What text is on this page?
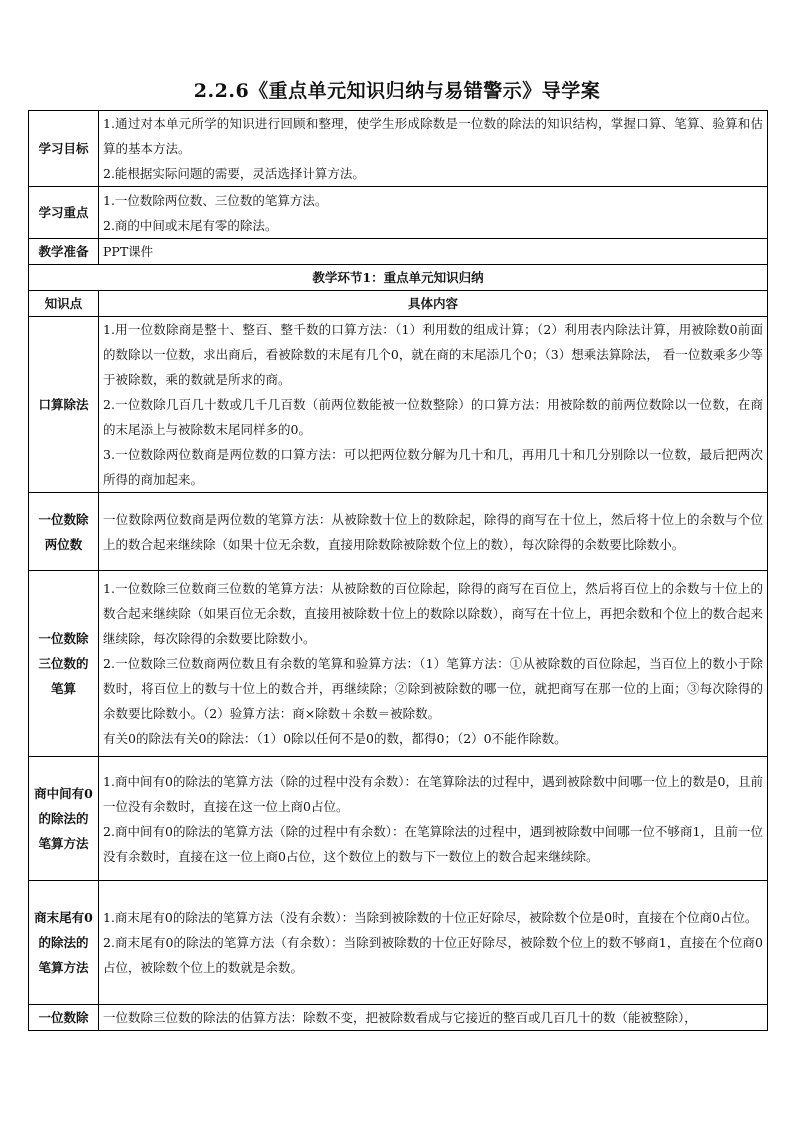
2.2.6《重点单元知识归纳与易错警示》导学案
学习目标	1.通过对本单元所学的知识进行回顾和整理，使学生形成除数是一位数的除法的知识结构，掌握口算、笔算、验算和估算的基本方法。
2.能根据实际问题的需要，灵活选择计算方法。

学习重点	1.一位数除两位数、三位数的笔算方法。
2.商的中间或末尾有零的除法。

教学准备	PPT课件
教学环节1：重点单元知识归纳	
知识点	具体内容
口算除法	1.用一位数除商是整十、整百、整千数的口算方法：（1）利用数的组成计算；（2）利用表内除法计算，用被除数0前面的数除以一位数，求出商后，看被除数的末尾有几个0，就在商的末尾添几个0；（3）想乘法算除法， 看一位数乘多少等于被除数，乘的数就是所求的商。
2.一位数除几百几十数或几千几百数（前两位数能被一位数整除）的口算方法：用被除数的前两位数除以一位数，在商的末尾添上与被除数末尾同样多的0。
3.一位数除两位数商是两位数的口算方法：可以把两位数分解为几十和几，再用几十和几分别除以一位数，最后把两次所得的商加起来。

一位数除两位数	一位数除两位数商是两位数的笔算方法：从被除数十位上的数除起，除得的商写在十位上，然后将十位上的余数与个位上的数合起来继续除（如果十位无余数，直接用除数除被除数个位上的数），每次除得的余数要比除数小。

一位数除三位数的笔算	1.一位数除三位数商三位数的笔算方法：从被除数的百位除起，除得的商写在百位上，然后将百位上的余数与十位上的数合起来继续除（如果百位无余数，直接用被除数十位上的数除以除数），商写在十位上，再把余数和个位上的数合起来继续除，每次除得的余数要比除数小。
2.一位数除三位数商两位数且有余数的笔算和验算方法：（1）笔算方法：①从被除数的百位除起，当百位上的数小于除数时，将百位上的数与十位上的数合并，再继续除；②除到被除数的哪一位，就把商写在那一位的上面；③每次除得的余数要比除数小。（2）验算方法：商×除数＋余数＝被除数。
有关0的除法有关0的除法：（1）0除以任何不是0的数，都得0；（2）0不能作除数。

商中间有0的除法的笔算方法	1.商中间有0的除法的笔算方法（除的过程中没有余数）：在笔算除法的过程中，遇到被除数中间哪一位上的数是0，且前一位没有余数时，直接在这一位上商0占位。
2.商中间有0的除法的笔算方法（除的过程中有余数）：在笔算除法的过程中，遇到被除数中间哪一位不够商1，且前一位没有余数时，直接在这一位上商0占位，这个数位上的数与下一数位上的数合起来继续除。

商末尾有0的除法的笔算方法	1.商末尾有0的除法的笔算方法（没有余数）：当除到被除数的十位正好除尽，被除数个位是0时，直接在个位商0占位。
2.商末尾有0的除法的笔算方法（有余数）：当除到被除数的十位正好除尽，被除数个位上的数不够商1，直接在个位商0占位，被除数个位上的数就是余数。

一位数除	一位数除三位数的除法的估算方法：除数不变，把被除数看成与它接近的整百或几百几十的数（能被整除），
